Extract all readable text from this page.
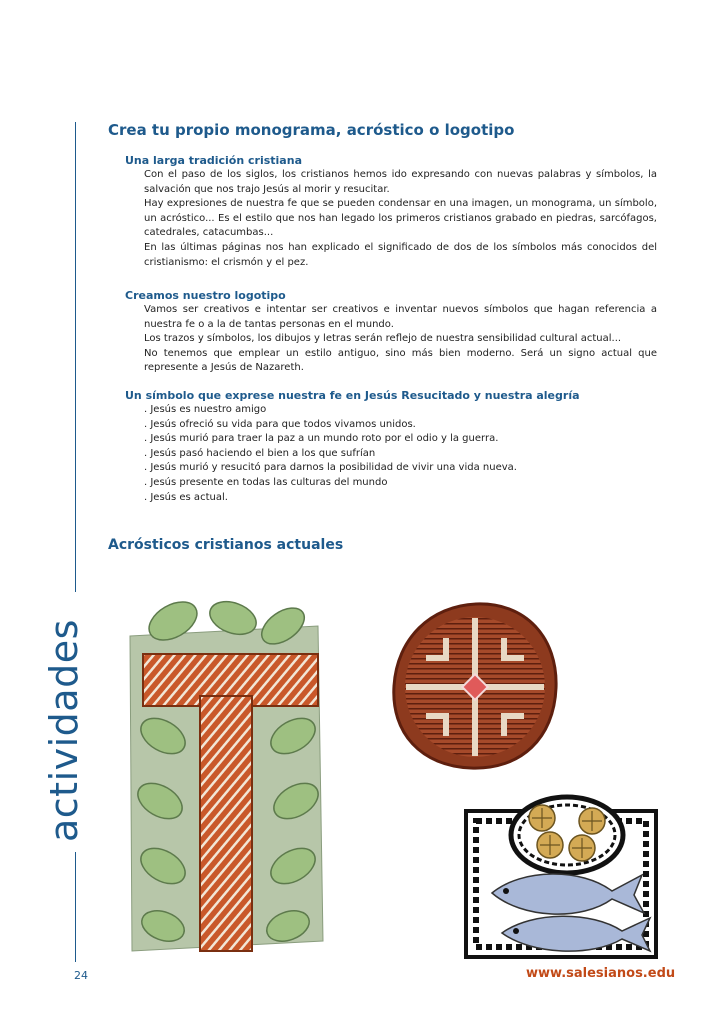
actividades
Crea tu propio monograma, acróstico o logotipo
Una larga tradición cristiana

Con el paso de los siglos, los cristianos hemos ido expresando con nuevas palabras y símbolos, la salvación que nos trajo Jesús al morir y resucitar.

Hay expresiones de nuestra fe que se pueden condensar en una imagen, un monograma, un símbolo, un acróstico... Es el estilo que nos han legado los primeros cristianos grabado en piedras, sarcófagos, catedrales, catacumbas...

En las últimas páginas nos han explicado el significado de dos de los símbolos más conocidos del cristianismo: el crismón y el pez.

Creamos nuestro logotipo

Vamos ser creativos e intentar ser creativos e inventar nuevos símbolos que hagan referencia a nuestra fe o a la de tantas personas en el mundo.

Los trazos y símbolos, los dibujos y letras serán reflejo de nuestra sensibilidad cultural actual...

No tenemos que emplear un estilo antiguo, sino más bien moderno. Será un signo actual que represente a Jesús de Nazareth.

Un símbolo que exprese nuestra fe en Jesús Resucitado y nuestra alegría
. Jesús es nuestro amigo
. Jesús ofreció su vida para que todos vivamos unidos.
. Jesús murió para traer la paz a un mundo roto por el odio y la guerra.
. Jesús pasó haciendo el bien a los que sufrían
. Jesús murió y resucitó para darnos la posibilidad de vivir una vida nueva.
. Jesús presente en todas las culturas del mundo
. Jesús es actual.
Acrósticos cristianos actuales
24	www.salesianos.edu
